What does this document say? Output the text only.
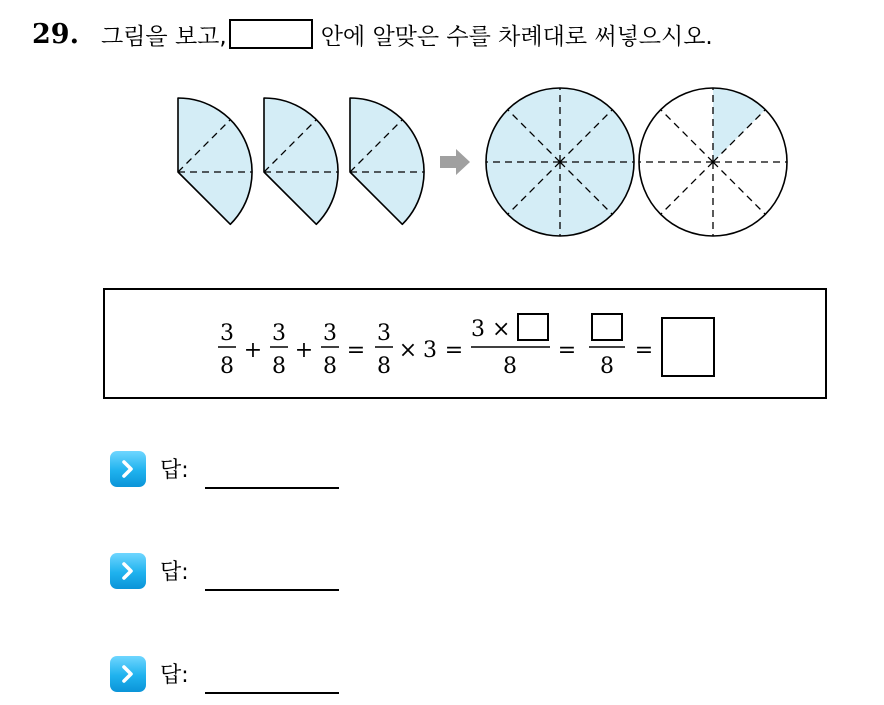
29. 그림을 보고,	안에 알맞은 수를 차례대로 써넣으시오.
3
8
+
3
8
+
3
8
=
3
8
× 3 =
3 ×
8
=
8
=
답:
답:
답:
